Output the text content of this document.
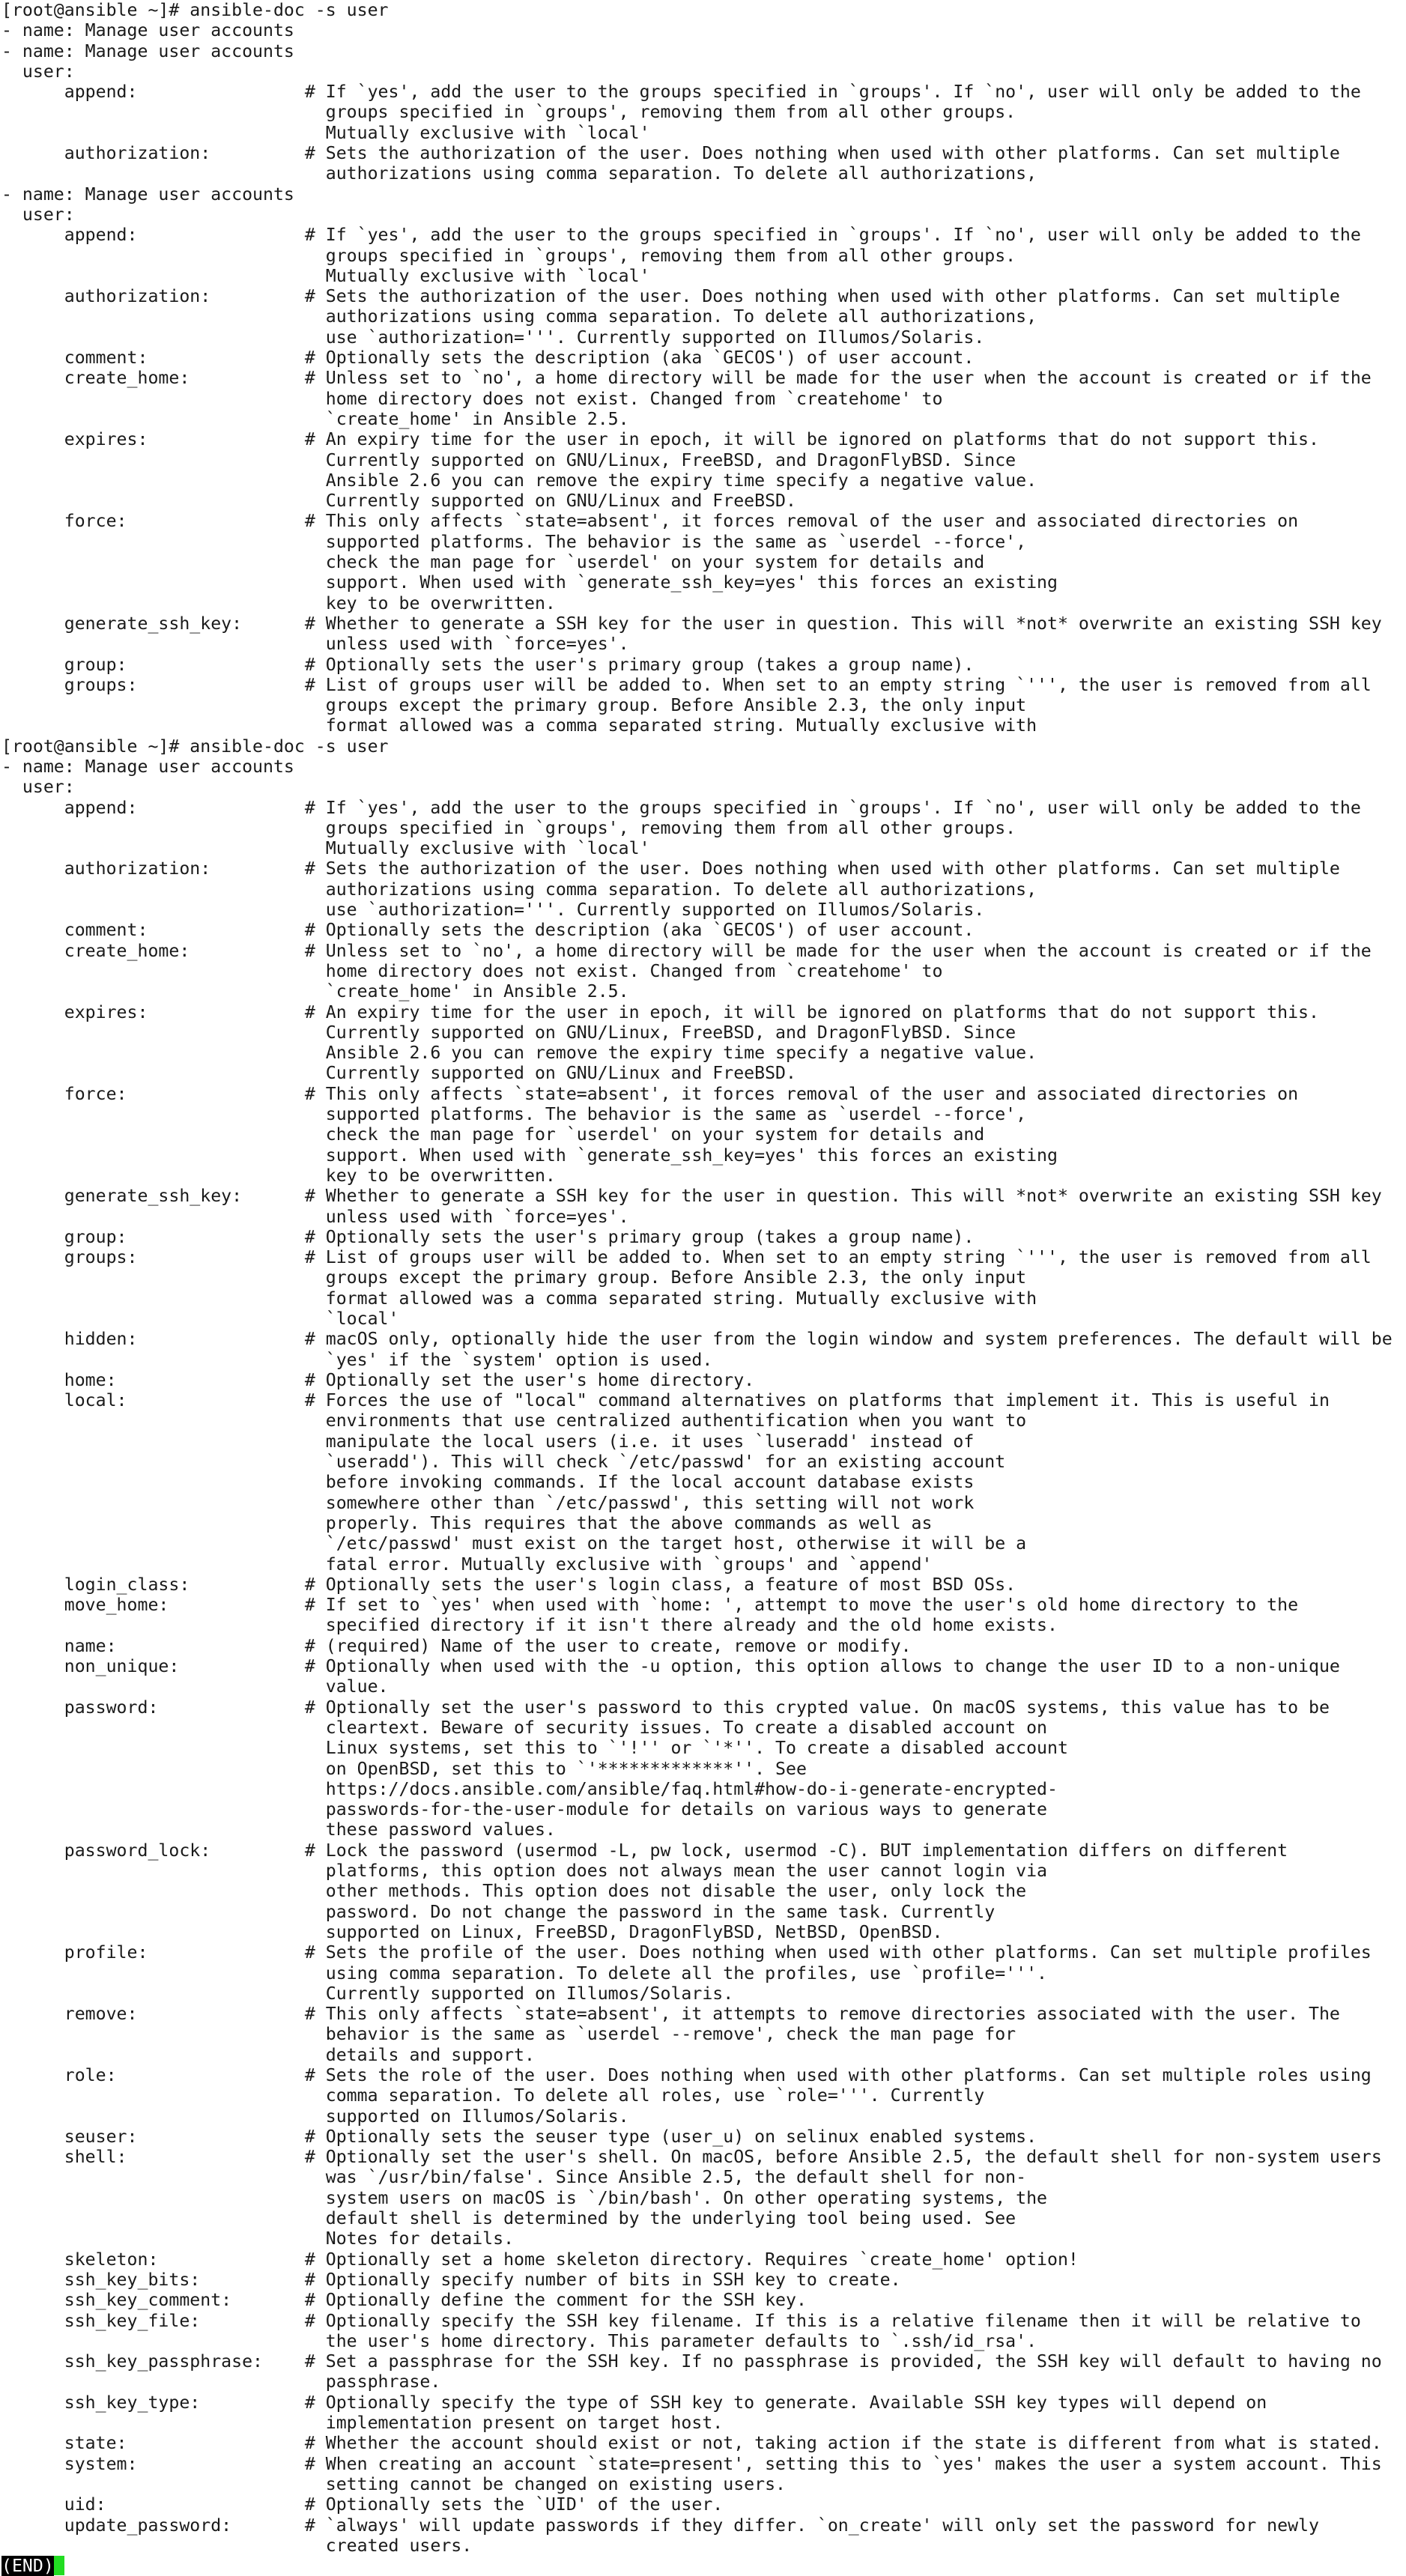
[root@ansible ~]# ansible-doc -s user
- name: Manage user accounts
- name: Manage user accounts
user:
append:                # If `yes', add the user to the groups specified in `groups'. If `no', user will only be added to the
groups specified in `groups', removing them from all other groups.
Mutually exclusive with `local'
authorization:         # Sets the authorization of the user. Does nothing when used with other platforms. Can set multiple
authorizations using comma separation. To delete all authorizations,
- name: Manage user accounts
user:
append:                # If `yes', add the user to the groups specified in `groups'. If `no', user will only be added to the
groups specified in `groups', removing them from all other groups.
Mutually exclusive with `local'
authorization:         # Sets the authorization of the user. Does nothing when used with other platforms. Can set multiple
authorizations using comma separation. To delete all authorizations,
use `authorization='''. Currently supported on Illumos/Solaris.
comment:               # Optionally sets the description (aka `GECOS') of user account.
create_home:           # Unless set to `no', a home directory will be made for the user when the account is created or if the
home directory does not exist. Changed from `createhome' to
`create_home' in Ansible 2.5.
expires:               # An expiry time for the user in epoch, it will be ignored on platforms that do not support this.
Currently supported on GNU/Linux, FreeBSD, and DragonFlyBSD. Since
Ansible 2.6 you can remove the expiry time specify a negative value.
Currently supported on GNU/Linux and FreeBSD.
force:                 # This only affects `state=absent', it forces removal of the user and associated directories on
supported platforms. The behavior is the same as `userdel --force',
check the man page for `userdel' on your system for details and
support. When used with `generate_ssh_key=yes' this forces an existing
key to be overwritten.
generate_ssh_key:      # Whether to generate a SSH key for the user in question. This will *not* overwrite an existing SSH key
unless used with `force=yes'.
group:                 # Optionally sets the user's primary group (takes a group name).
groups:                # List of groups user will be added to. When set to an empty string `''', the user is removed from all
groups except the primary group. Before Ansible 2.3, the only input
format allowed was a comma separated string. Mutually exclusive with
[root@ansible ~]# ansible-doc -s user
- name: Manage user accounts
user:
append:                # If `yes', add the user to the groups specified in `groups'. If `no', user will only be added to the
groups specified in `groups', removing them from all other groups.
Mutually exclusive with `local'
authorization:         # Sets the authorization of the user. Does nothing when used with other platforms. Can set multiple
authorizations using comma separation. To delete all authorizations,
use `authorization='''. Currently supported on Illumos/Solaris.
comment:               # Optionally sets the description (aka `GECOS') of user account.
create_home:           # Unless set to `no', a home directory will be made for the user when the account is created or if the
home directory does not exist. Changed from `createhome' to
`create_home' in Ansible 2.5.
expires:               # An expiry time for the user in epoch, it will be ignored on platforms that do not support this.
Currently supported on GNU/Linux, FreeBSD, and DragonFlyBSD. Since
Ansible 2.6 you can remove the expiry time specify a negative value.
Currently supported on GNU/Linux and FreeBSD.
force:                 # This only affects `state=absent', it forces removal of the user and associated directories on
supported platforms. The behavior is the same as `userdel --force',
check the man page for `userdel' on your system for details and
support. When used with `generate_ssh_key=yes' this forces an existing
key to be overwritten.
generate_ssh_key:      # Whether to generate a SSH key for the user in question. This will *not* overwrite an existing SSH key
unless used with `force=yes'.
group:                 # Optionally sets the user's primary group (takes a group name).
groups:                # List of groups user will be added to. When set to an empty string `''', the user is removed from all
groups except the primary group. Before Ansible 2.3, the only input
format allowed was a comma separated string. Mutually exclusive with
`local'
hidden:                # macOS only, optionally hide the user from the login window and system preferences. The default will be
`yes' if the `system' option is used.
home:                  # Optionally set the user's home directory.
local:                 # Forces the use of "local" command alternatives on platforms that implement it. This is useful in
environments that use centralized authentification when you want to
manipulate the local users (i.e. it uses `luseradd' instead of
`useradd'). This will check `/etc/passwd' for an existing account
before invoking commands. If the local account database exists
somewhere other than `/etc/passwd', this setting will not work
properly. This requires that the above commands as well as
`/etc/passwd' must exist on the target host, otherwise it will be a
fatal error. Mutually exclusive with `groups' and `append'
login_class:           # Optionally sets the user's login class, a feature of most BSD OSs.
move_home:             # If set to `yes' when used with `home: ', attempt to move the user's old home directory to the
specified directory if it isn't there already and the old home exists.
name:                  # (required) Name of the user to create, remove or modify.
non_unique:            # Optionally when used with the -u option, this option allows to change the user ID to a non-unique
value.
password:              # Optionally set the user's password to this crypted value. On macOS systems, this value has to be
cleartext. Beware of security issues. To create a disabled account on
Linux systems, set this to `'!'' or `'*''. To create a disabled account
on OpenBSD, set this to `'*************''. See
https://docs.ansible.com/ansible/faq.html#how-do-i-generate-encrypted-
passwords-for-the-user-module for details on various ways to generate
these password values.
password_lock:         # Lock the password (usermod -L, pw lock, usermod -C). BUT implementation differs on different
platforms, this option does not always mean the user cannot login via
other methods. This option does not disable the user, only lock the
password. Do not change the password in the same task. Currently
supported on Linux, FreeBSD, DragonFlyBSD, NetBSD, OpenBSD.
profile:               # Sets the profile of the user. Does nothing when used with other platforms. Can set multiple profiles
using comma separation. To delete all the profiles, use `profile='''.
Currently supported on Illumos/Solaris.
remove:                # This only affects `state=absent', it attempts to remove directories associated with the user. The
behavior is the same as `userdel --remove', check the man page for
details and support.
role:                  # Sets the role of the user. Does nothing when used with other platforms. Can set multiple roles using
comma separation. To delete all roles, use `role='''. Currently
supported on Illumos/Solaris.
seuser:                # Optionally sets the seuser type (user_u) on selinux enabled systems.
shell:                 # Optionally set the user's shell. On macOS, before Ansible 2.5, the default shell for non-system users
was `/usr/bin/false'. Since Ansible 2.5, the default shell for non-
system users on macOS is `/bin/bash'. On other operating systems, the
default shell is determined by the underlying tool being used. See
Notes for details.
skeleton:              # Optionally set a home skeleton directory. Requires `create_home' option!
ssh_key_bits:          # Optionally specify number of bits in SSH key to create.
ssh_key_comment:       # Optionally define the comment for the SSH key.
ssh_key_file:          # Optionally specify the SSH key filename. If this is a relative filename then it will be relative to
the user's home directory. This parameter defaults to `.ssh/id_rsa'.
ssh_key_passphrase:    # Set a passphrase for the SSH key. If no passphrase is provided, the SSH key will default to having no
passphrase.
ssh_key_type:          # Optionally specify the type of SSH key to generate. Available SSH key types will depend on
implementation present on target host.
state:                 # Whether the account should exist or not, taking action if the state is different from what is stated.
system:                # When creating an account `state=present', setting this to `yes' makes the user a system account. This
setting cannot be changed on existing users.
uid:                   # Optionally sets the `UID' of the user.
update_password:       # `always' will update passwords if they differ. `on_create' will only set the password for newly
created users.
(END)
